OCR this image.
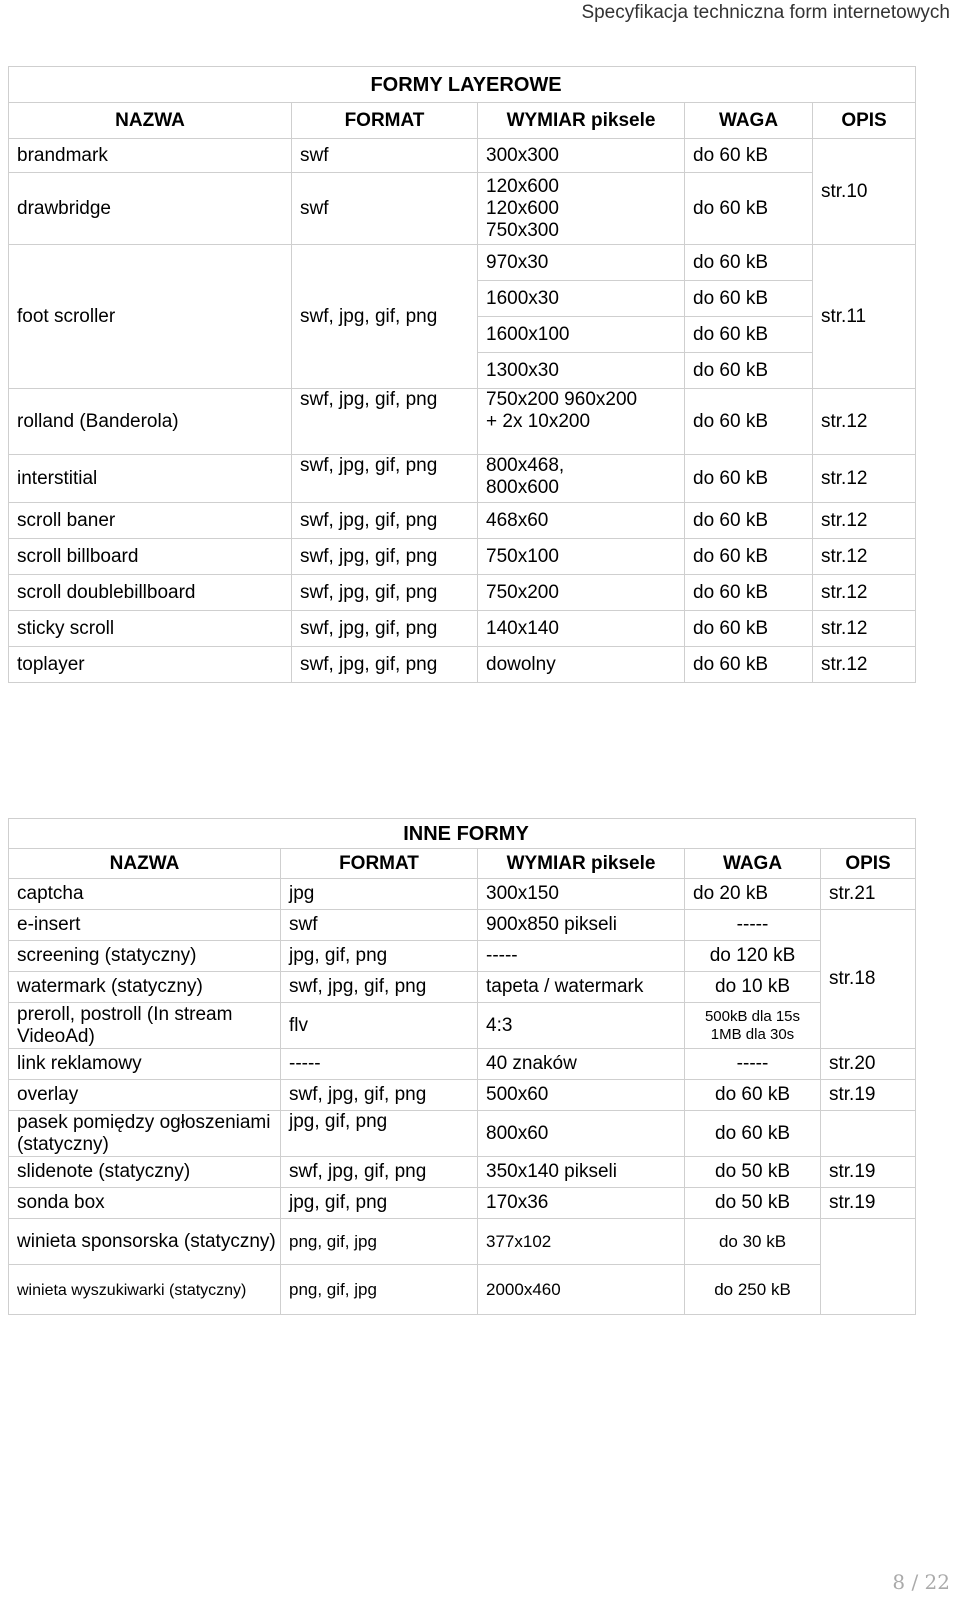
Specyfikacja techniczna form internetowych
FORMY LAYEROWE				
NAZWA	FORMAT	WYMIAR piksele	WAGA	OPIS
brandmark	swf	300x300	do 60 kB	str.10
drawbridge	swf	120x600 120x600 750x300	do 60 kB	
foot scroller	swf, jpg, gif, png	970x30	do 60 kB	str.11
		1600x30	do 60 kB	
		1600x100	do 60 kB	
		1300x30	do 60 kB	
rolland (Banderola)	swf, jpg, gif, png	750x200 960x200 + 2x 10x200	do 60 kB	str.12
interstitial	swf, jpg, gif, png	800x468, 800x600	do 60 kB	str.12
scroll baner	swf, jpg, gif, png	468x60	do 60 kB	str.12
scroll billboard	swf, jpg, gif, png	750x100	do 60 kB	str.12
scroll doublebillboard	swf, jpg, gif, png	750x200	do 60 kB	str.12
sticky scroll	swf, jpg, gif, png	140x140	do 60 kB	str.12
toplayer	swf, jpg, gif, png	dowolny	do 60 kB	str.12
INNE FORMY				
NAZWA	FORMAT	WYMIAR piksele	WAGA	OPIS
captcha	jpg	300x150	do 20 kB	str.21
e-insert	swf	900x850 pikseli	-----	str.18
screening (statyczny)	jpg, gif, png	-----	do 120 kB	
watermark (statyczny)	swf, jpg, gif, png	tapeta / watermark	do 10 kB	
preroll, postroll (In stream VideoAd)	flv	4:3	500kB dla 15s 1MB dla 30s	
link reklamowy	-----	40 znaków	-----	str.20
overlay	swf, jpg, gif, png	500x60	do 60 kB	str.19
pasek pomiędzy ogłoszeniami (statyczny)	jpg, gif, png	800x60	do 60 kB	
slidenote (statyczny)	swf, jpg, gif, png	350x140 pikseli	do 50 kB	str.19
sonda box	jpg, gif, png	170x36	do 50 kB	str.19
winieta sponsorska (statyczny)	png, gif, jpg	377x102	do 30 kB	
winieta wyszukiwarki (statyczny)	png, gif, jpg	2000x460	do 250 kB	
8 / 22
